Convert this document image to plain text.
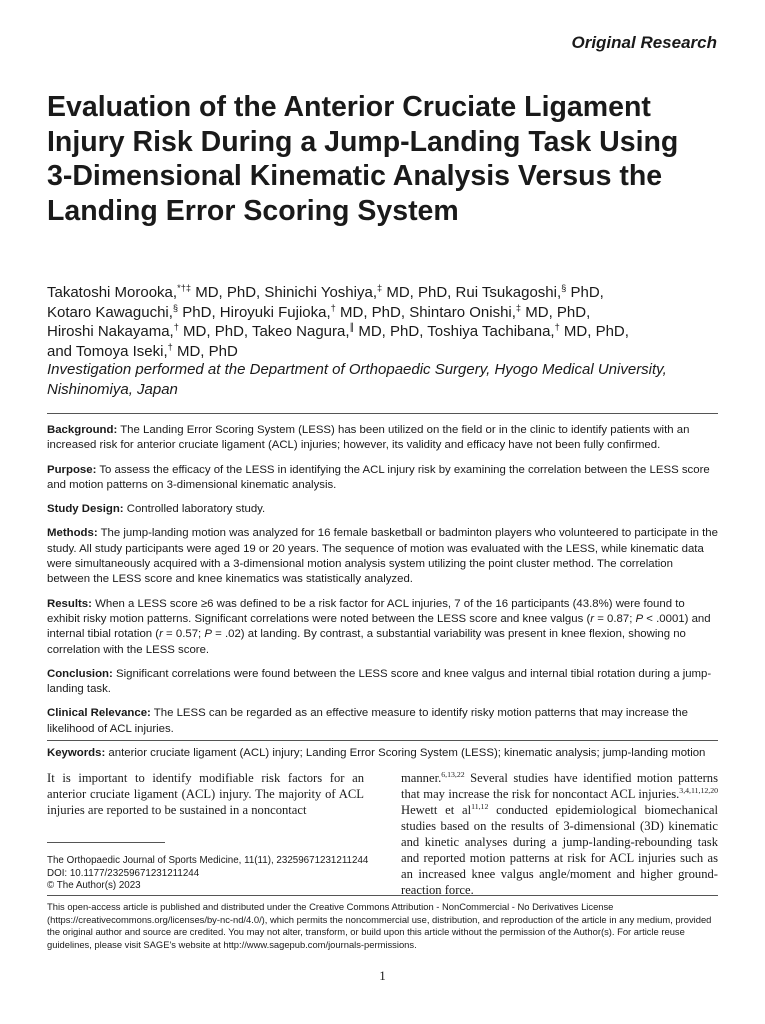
Original Research
Evaluation of the Anterior Cruciate Ligament Injury Risk During a Jump-Landing Task Using 3-Dimensional Kinematic Analysis Versus the Landing Error Scoring System

Takatoshi Morooka,*†‡ MD, PhD, Shinichi Yoshiya,‡ MD, PhD, Rui Tsukagoshi,§ PhD,
Kotaro Kawaguchi,§ PhD, Hiroyuki Fujioka,† MD, PhD, Shintaro Onishi,‡ MD, PhD,
Hiroshi Nakayama,† MD, PhD, Takeo Nagura,∥ MD, PhD, Toshiya Tachibana,† MD, PhD,
and Tomoya Iseki,† MD, PhD

Investigation performed at the Department of Orthopaedic Surgery, Hyogo Medical University, Nishinomiya, Japan

Background: The Landing Error Scoring System (LESS) has been utilized on the field or in the clinic to identify patients with an increased risk for anterior cruciate ligament (ACL) injuries; however, its validity and efficacy have not been fully confirmed.

Purpose: To assess the efficacy of the LESS in identifying the ACL injury risk by examining the correlation between the LESS score and motion patterns on 3-dimensional kinematic analysis.

Study Design: Controlled laboratory study.

Methods: The jump-landing motion was analyzed for 16 female basketball or badminton players who volunteered to participate in the study. All study participants were aged 19 or 20 years. The sequence of motion was evaluated with the LESS, while kinematic data were simultaneously acquired with a 3-dimensional motion analysis system utilizing the point cluster method. The correlation between the LESS score and knee kinematics was statistically analyzed.

Results: When a LESS score ≥6 was defined to be a risk factor for ACL injuries, 7 of the 16 participants (43.8%) were found to exhibit risky motion patterns. Significant correlations were noted between the LESS score and knee valgus (r = 0.87; P < .0001) and internal tibial rotation (r = 0.57; P = .02) at landing. By contrast, a substantial variability was present in knee flexion, showing no correlation with the LESS score.

Conclusion: Significant correlations were found between the LESS score and knee valgus and internal tibial rotation during a jump-landing task.

Clinical Relevance: The LESS can be regarded as an effective measure to identify risky motion patterns that may increase the likelihood of ACL injuries.

Keywords: anterior cruciate ligament (ACL) injury; Landing Error Scoring System (LESS); kinematic analysis; jump-landing motion

It is important to identify modifiable risk factors for an anterior cruciate ligament (ACL) injury. The majority of ACL injuries are reported to be sustained in a noncontact

manner.$^{6,13,22}$ Several studies have identified motion patterns that may increase the risk for noncontact ACL injuries.$^{3,4,11,12,20}$ Hewett et al$^{11,12}$ conducted epidemiological biomechanical studies based on the results of 3-dimensional (3D) kinematic and kinetic analyses during a jump-landing-rebounding task and reported motion patterns at risk for ACL injuries such as an increased knee valgus angle/moment and higher ground-reaction force.

The Orthopaedic Journal of Sports Medicine, 11(11), 23259671231211244
DOI: 10.1177/23259671231211244
© The Author(s) 2023

This open-access article is published and distributed under the Creative Commons Attribution - NonCommercial - No Derivatives License (https://creativecommons.org/licenses/by-nc-nd/4.0/), which permits the noncommercial use, distribution, and reproduction of the article in any medium, provided the original author and source are credited. You may not alter, transform, or build upon this article without the permission of the Author(s). For article reuse guidelines, please visit SAGE's website at http://www.sagepub.com/journals-permissions.

1
